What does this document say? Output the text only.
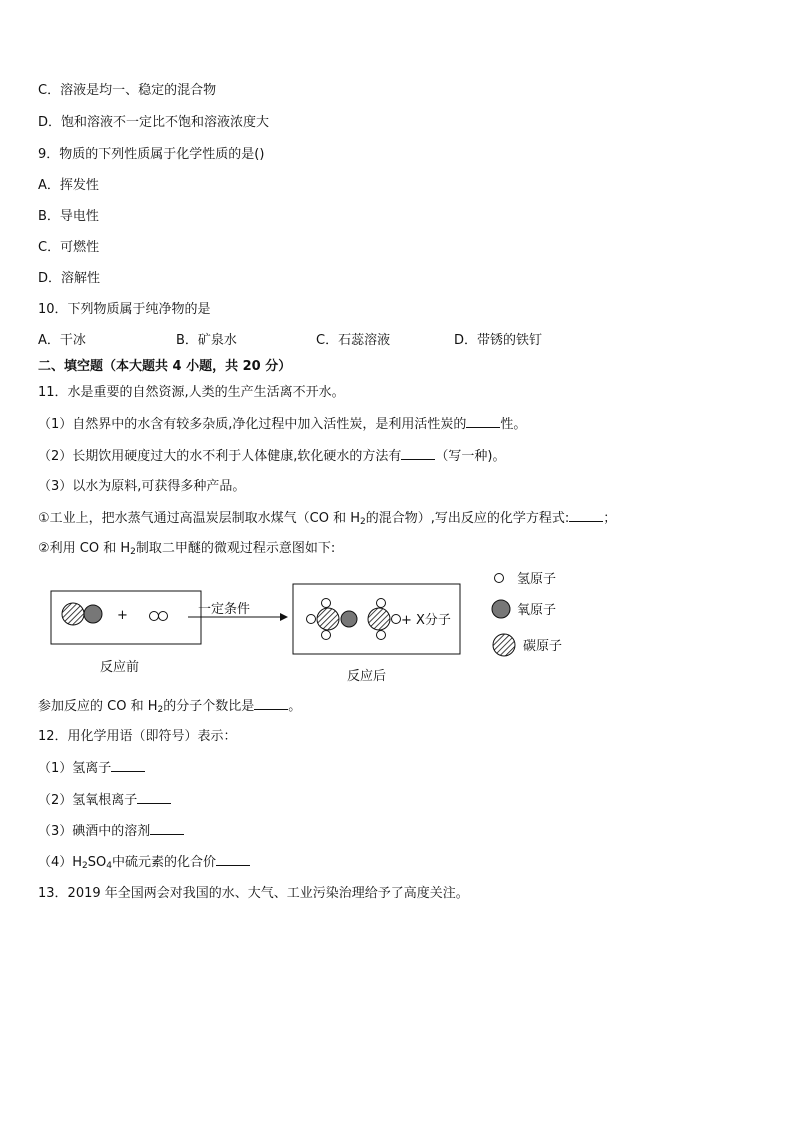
C．溶液是均一、稳定的混合物
D．饱和溶液不一定比不饱和溶液浓度大
9．物质的下列性质属于化学性质的是()
A．挥发性
B．导电性
C．可燃性
D．溶解性
10．下列物质属于纯净物的是
A．干冰	B．矿泉水	C．石蕊溶液	D．带锈的铁钉
二、填空题（本大题共 4 小题，共 20 分）
11．水是重要的自然资源,人类的生产生活离不开水。
（1）自然界中的水含有较多杂质,净化过程中加入活性炭，是利用活性炭的	性。
（2）长期饮用硬度过大的水不利于人体健康,软化硬水的方法有	（写一种)。
（3）以水为原料,可获得多种产品。
①工业上，把水蒸气通过高温炭层制取水煤气（CO 和 $H_2$的混合物）,写出反应的化学方程式:	；
②利用 CO 和 $H_2$制取二甲醚的微观过程示意图如下:
+	一定条件
+ X分子
反应前
反应后
氢原子
氧原子
碳原子
参加反应的 CO 和 $H_2$的分子个数比是	。
12．用化学用语（即符号）表示：
（1）氢离子
（2）氢氧根离子
（3）碘酒中的溶剂
$(4)H_2SO_4$中硫元素的化合价
13．2019 年全国两会对我国的水、大气、工业污染治理给予了高度关注。
